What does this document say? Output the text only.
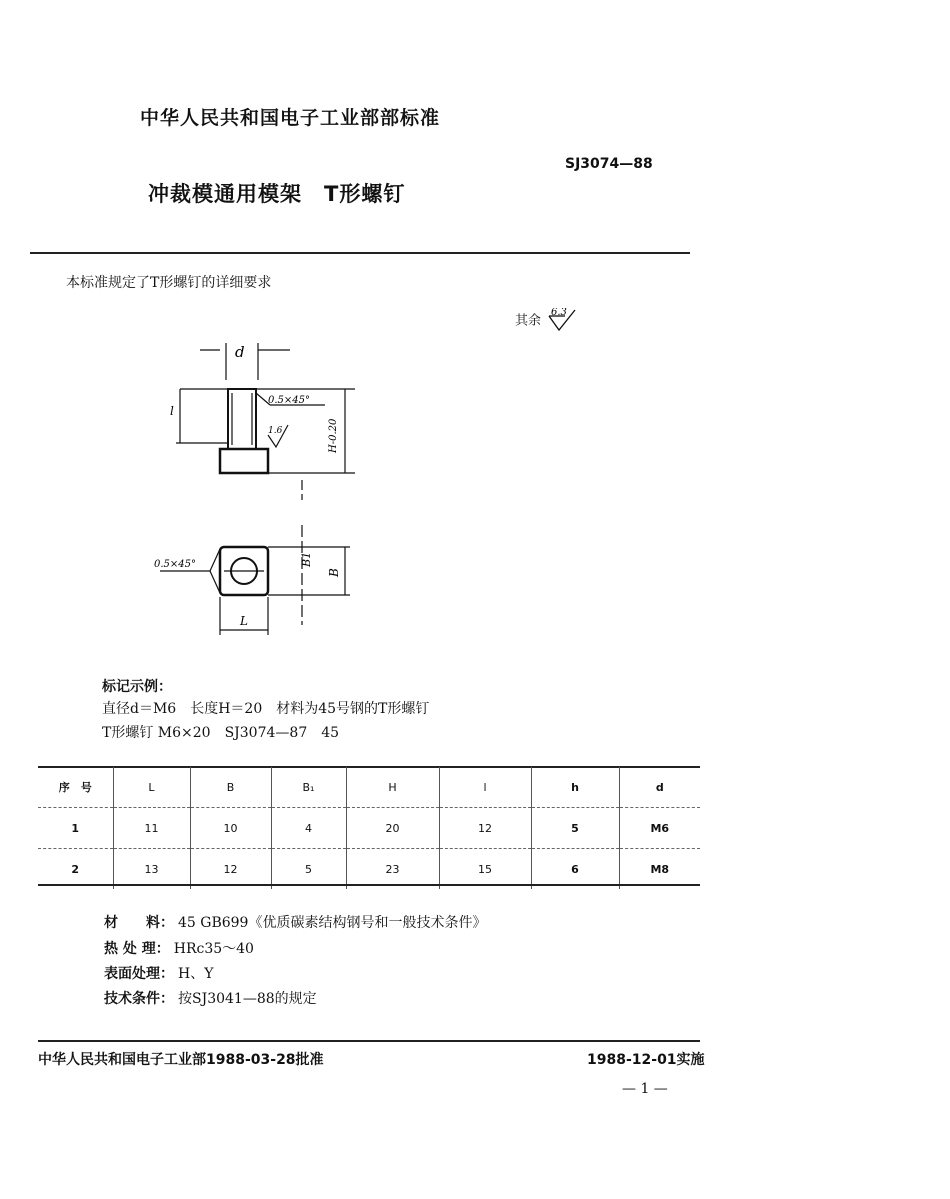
中华人民共和国电子工业部部标准
SJ3074—88
冲裁模通用模架　T形螺钉
本标准规定了T形螺钉的详细要求
其余
6.3
d
l
0.5×45°
1.6	H-0.20
0.5×45°	B1
B
L
标记示例：
直径d＝M6　长度H＝20　材料为45号钢的T形螺钉
T形螺钉 M6×20　SJ3074—87　45
序　号	L	B	B₁	H	l	h	d
1	11	10	4	20	12	5	M6
2	13	12	5	23	15	6	M8
材　　料： 45 GB699《优质碳素结构钢号和一般技术条件》
热 处 理： HRc35～40
表面处理： H、Y
技术条件： 按SJ3041—88的规定
中华人民共和国电子工业部1988-03-28批准	1988-12-01实施
— 1 —
